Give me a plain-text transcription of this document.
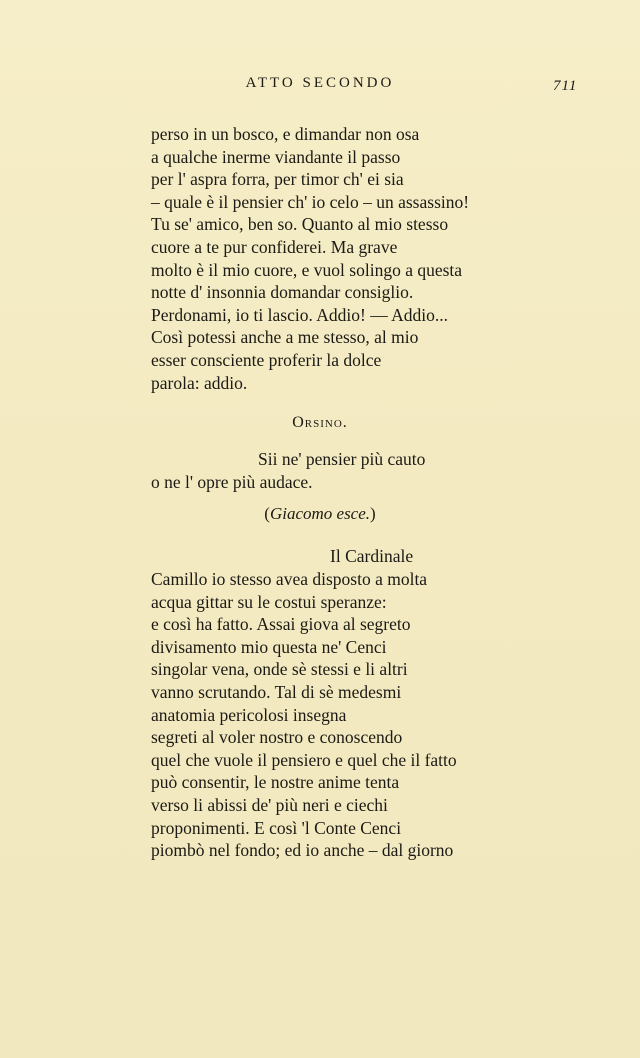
ATTO SECONDO	711
perso in un bosco, e dimandar non osa
a qualche inerme viandante il passo
per l' aspra forra, per timor ch' ei sia
– quale è il pensier ch' io celo – un assassino!
Tu se' amico, ben so. Quanto al mio stesso
cuore a te pur confiderei. Ma grave
molto è il mio cuore, e vuol solingo a questa
notte d' insonnia domandar consiglio.
Perdonami, io ti lascio. Addio! — Addio...
Così potessi anche a me stesso, al mio
esser consciente proferir la dolce
parola: addio.
Orsino.
Sii ne' pensier più cauto
o ne l' opre più audace.
(Giacomo esce.)
Il Cardinale
Camillo io stesso avea disposto a molta
acqua gittar su le costui speranze:
e così ha fatto. Assai giova al segreto
divisamento mio questa ne' Cenci
singolar vena, onde sè stessi e li altri
vanno scrutando. Tal di sè medesmi
anatomia pericolosi insegna
segreti al voler nostro e conoscendo
quel che vuole il pensiero e quel che il fatto
può consentir, le nostre anime tenta
verso li abissi de' più neri e ciechi
proponimenti. E così 'l Conte Cenci
piombò nel fondo; ed io anche – dal giorno
